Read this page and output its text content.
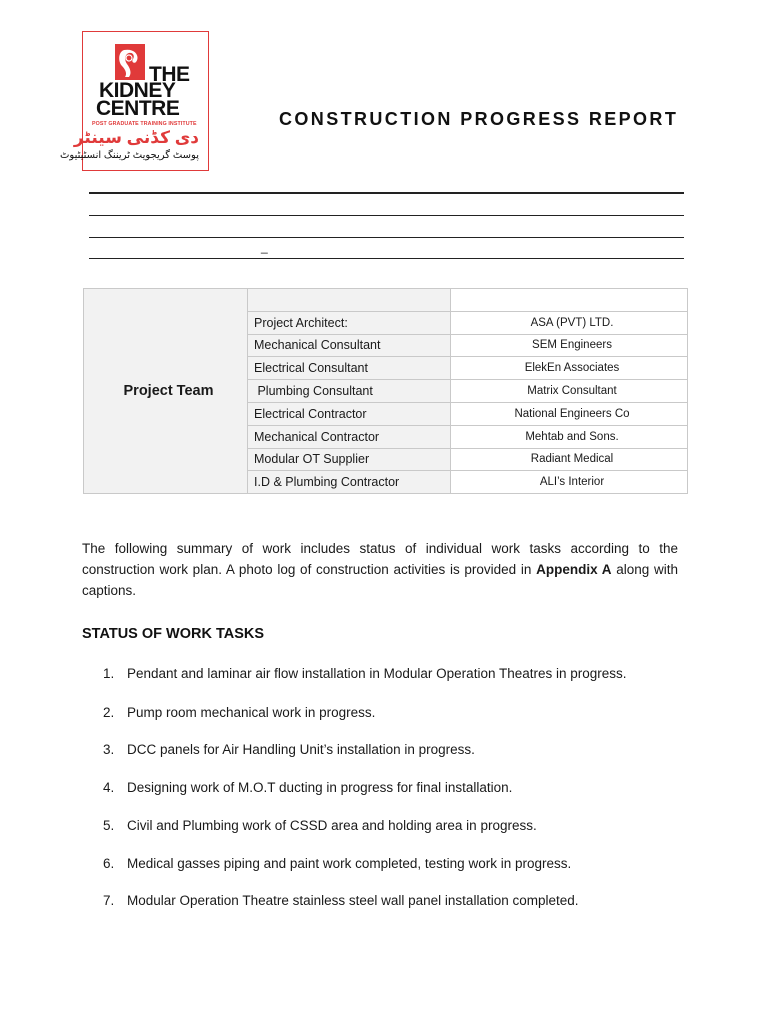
THE
KIDNEY
CENTRE
POST GRADUATE TRAINING INSTITUTE
دی کڈنی سینٹر
پوسٹ گریجویٹ ٹریننگ انسٹیٹیوٹ
CONSTRUCTION PROGRESS REPORT
_
Project Team		
	Project Architect:	ASA (PVT) LTD.
	Mechanical Consultant	SEM Engineers
	Electrical Consultant	ElekEn Associates
	Plumbing Consultant	Matrix Consultant
	Electrical Contractor	National Engineers Co
	Mechanical Contractor	Mehtab and Sons.
	Modular OT Supplier	Radiant Medical
	I.D & Plumbing Contractor	ALI’s Interior
The following summary of work includes status of individual work tasks according to the construction work plan. A photo log of construction activities is provided in Appendix A along with captions.
STATUS OF WORK TASKS
1. Pendant and laminar air flow installation in Modular Operation Theatres in progress.
2. Pump room mechanical work in progress.
3. DCC panels for Air Handling Unit’s installation in progress.
4. Designing work of M.O.T ducting in progress for final installation.
5. Civil and Plumbing work of CSSD area and holding area in progress.
6. Medical gasses piping and paint work completed, testing work in progress.
7. Modular Operation Theatre stainless steel wall panel installation completed.
